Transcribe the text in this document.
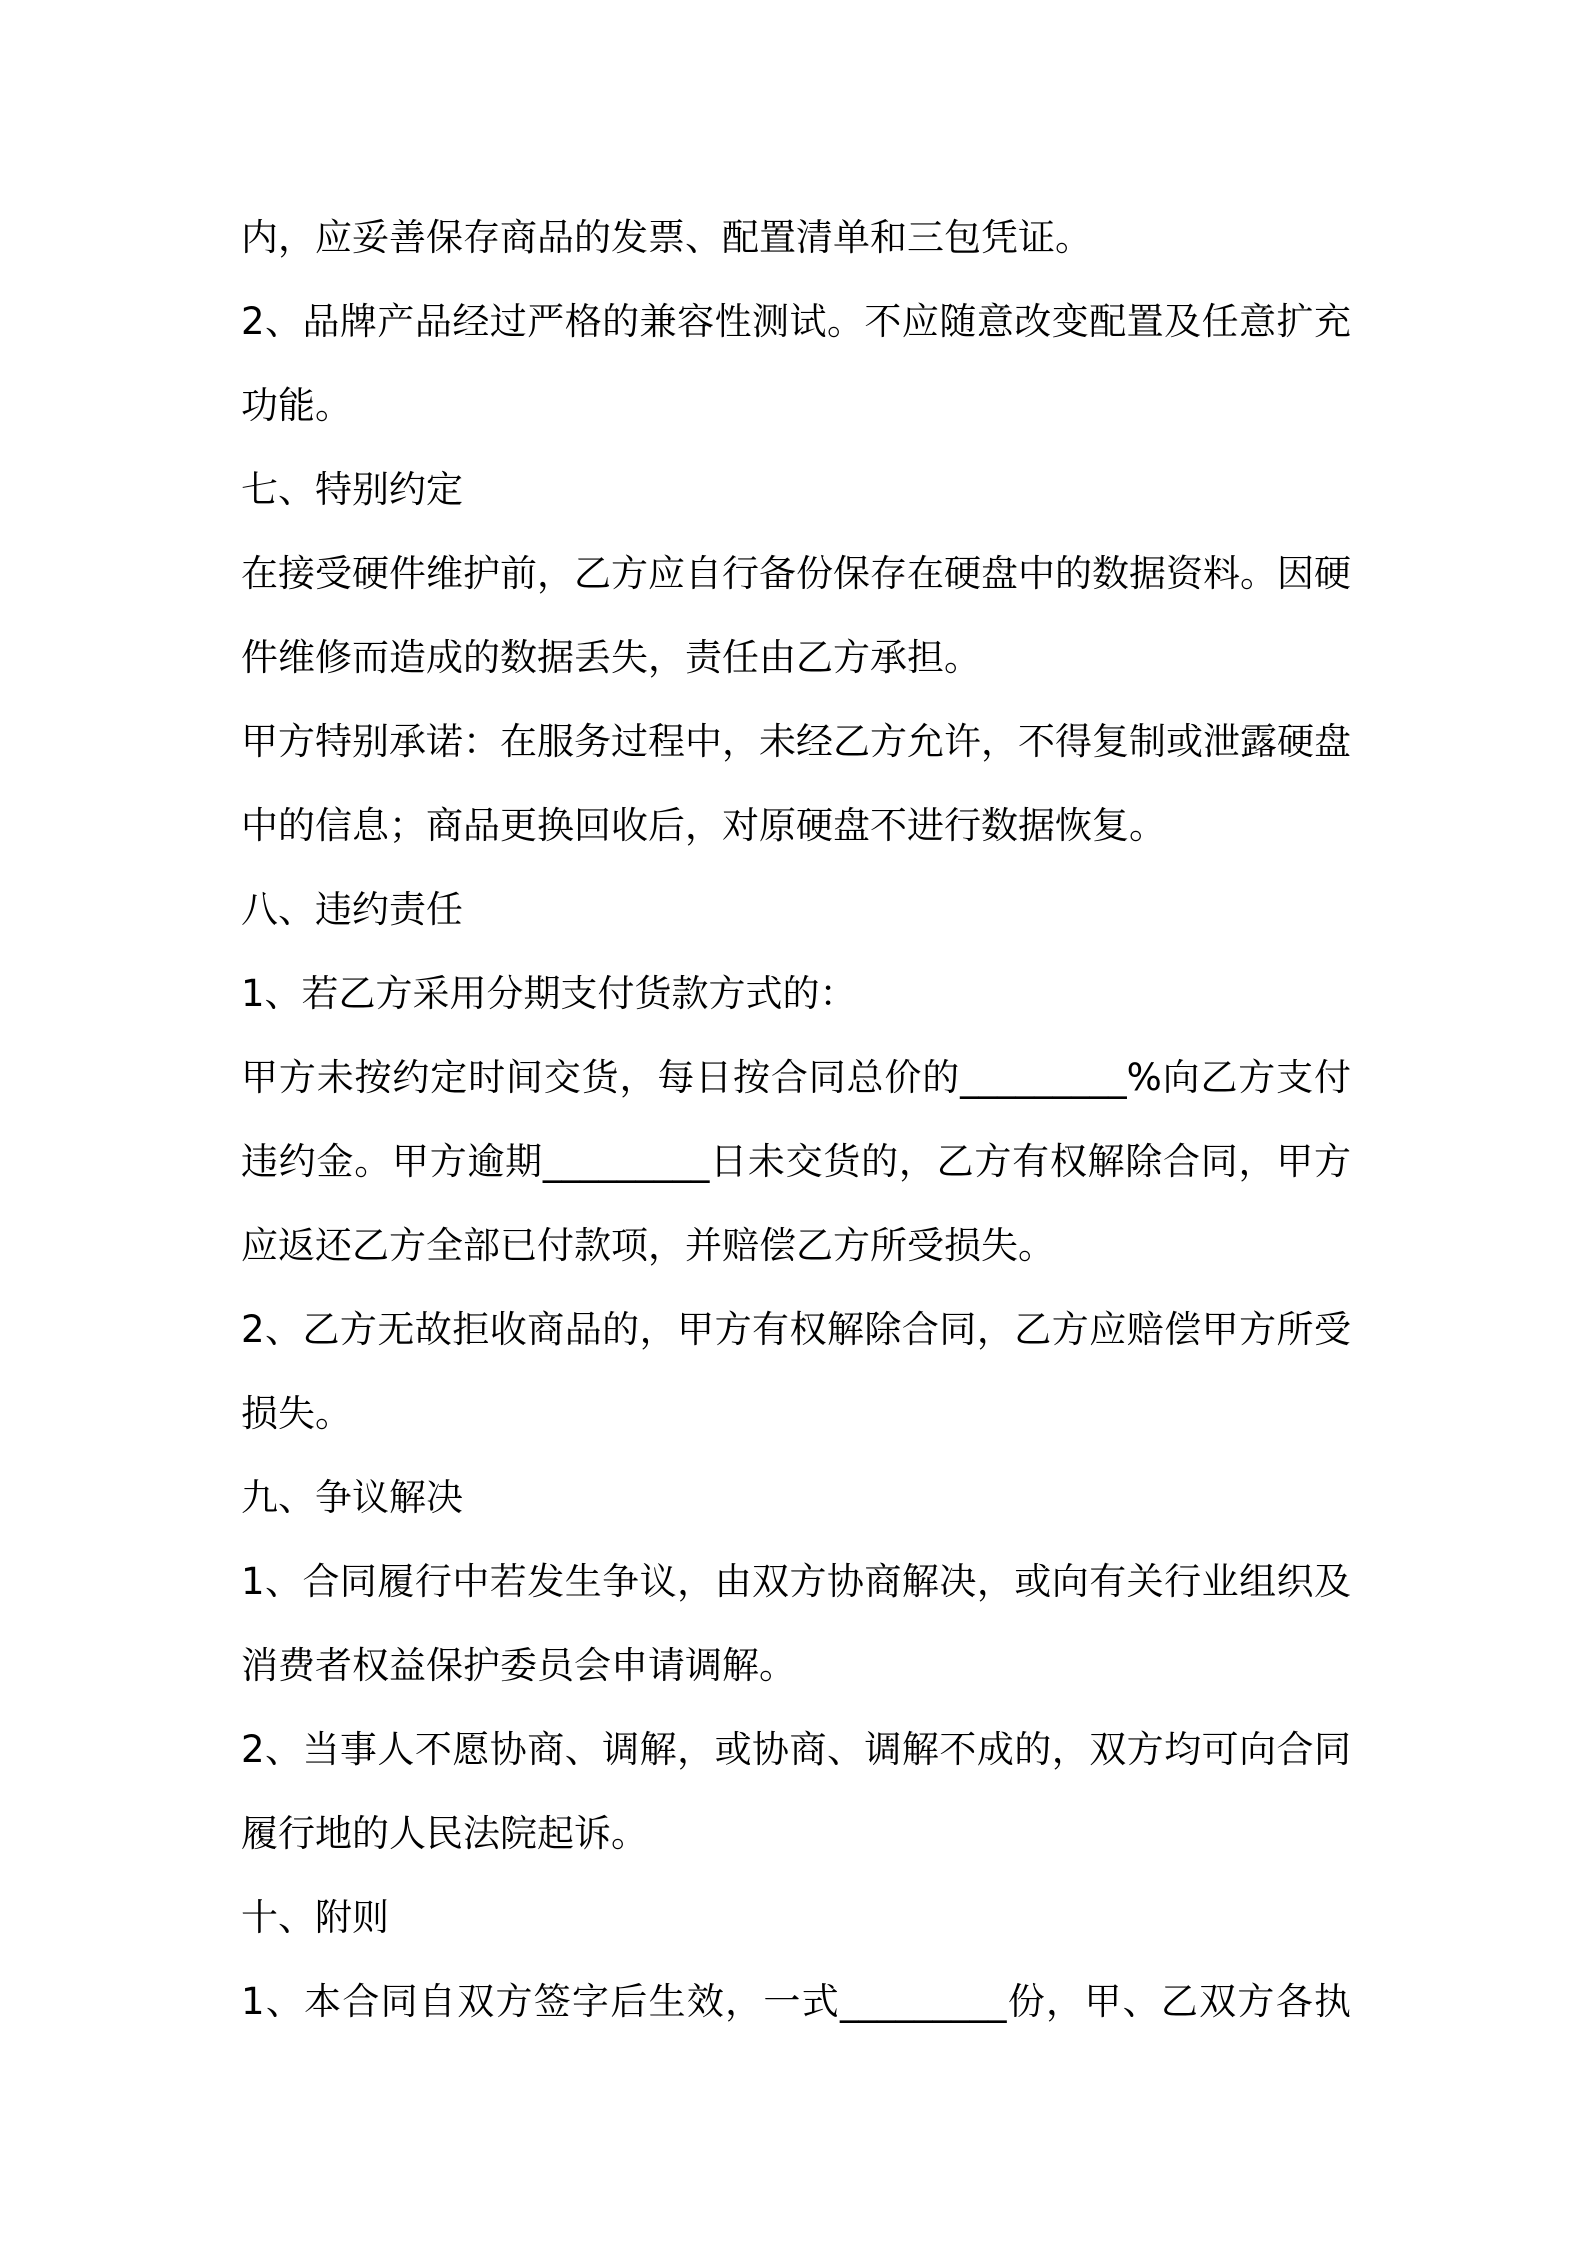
内，应妥善保存商品的发票、配置清单和三包凭证。
2、品牌产品经过严格的兼容性测试。不应随意改变配置及任意扩充
功能。
七、特别约定
在接受硬件维护前，乙方应自行备份保存在硬盘中的数据资料。因硬
件维修而造成的数据丢失，责任由乙方承担。
甲方特别承诺：在服务过程中，未经乙方允许，不得复制或泄露硬盘
中的信息；商品更换回收后，对原硬盘不进行数据恢复。
八、违约责任
1、若乙方采用分期支付货款方式的：
甲方未按约定时间交货，每日按合同总价的_________%向乙方支付
违约金。甲方逾期_________日未交货的，乙方有权解除合同，甲方
应返还乙方全部已付款项，并赔偿乙方所受损失。
2、乙方无故拒收商品的，甲方有权解除合同，乙方应赔偿甲方所受
损失。
九、争议解决
1、合同履行中若发生争议，由双方协商解决，或向有关行业组织及
消费者权益保护委员会申请调解。
2、当事人不愿协商、调解，或协商、调解不成的，双方均可向合同
履行地的人民法院起诉。
十、附则
1、本合同自双方签字后生效，一式_________份，甲、乙双方各执
